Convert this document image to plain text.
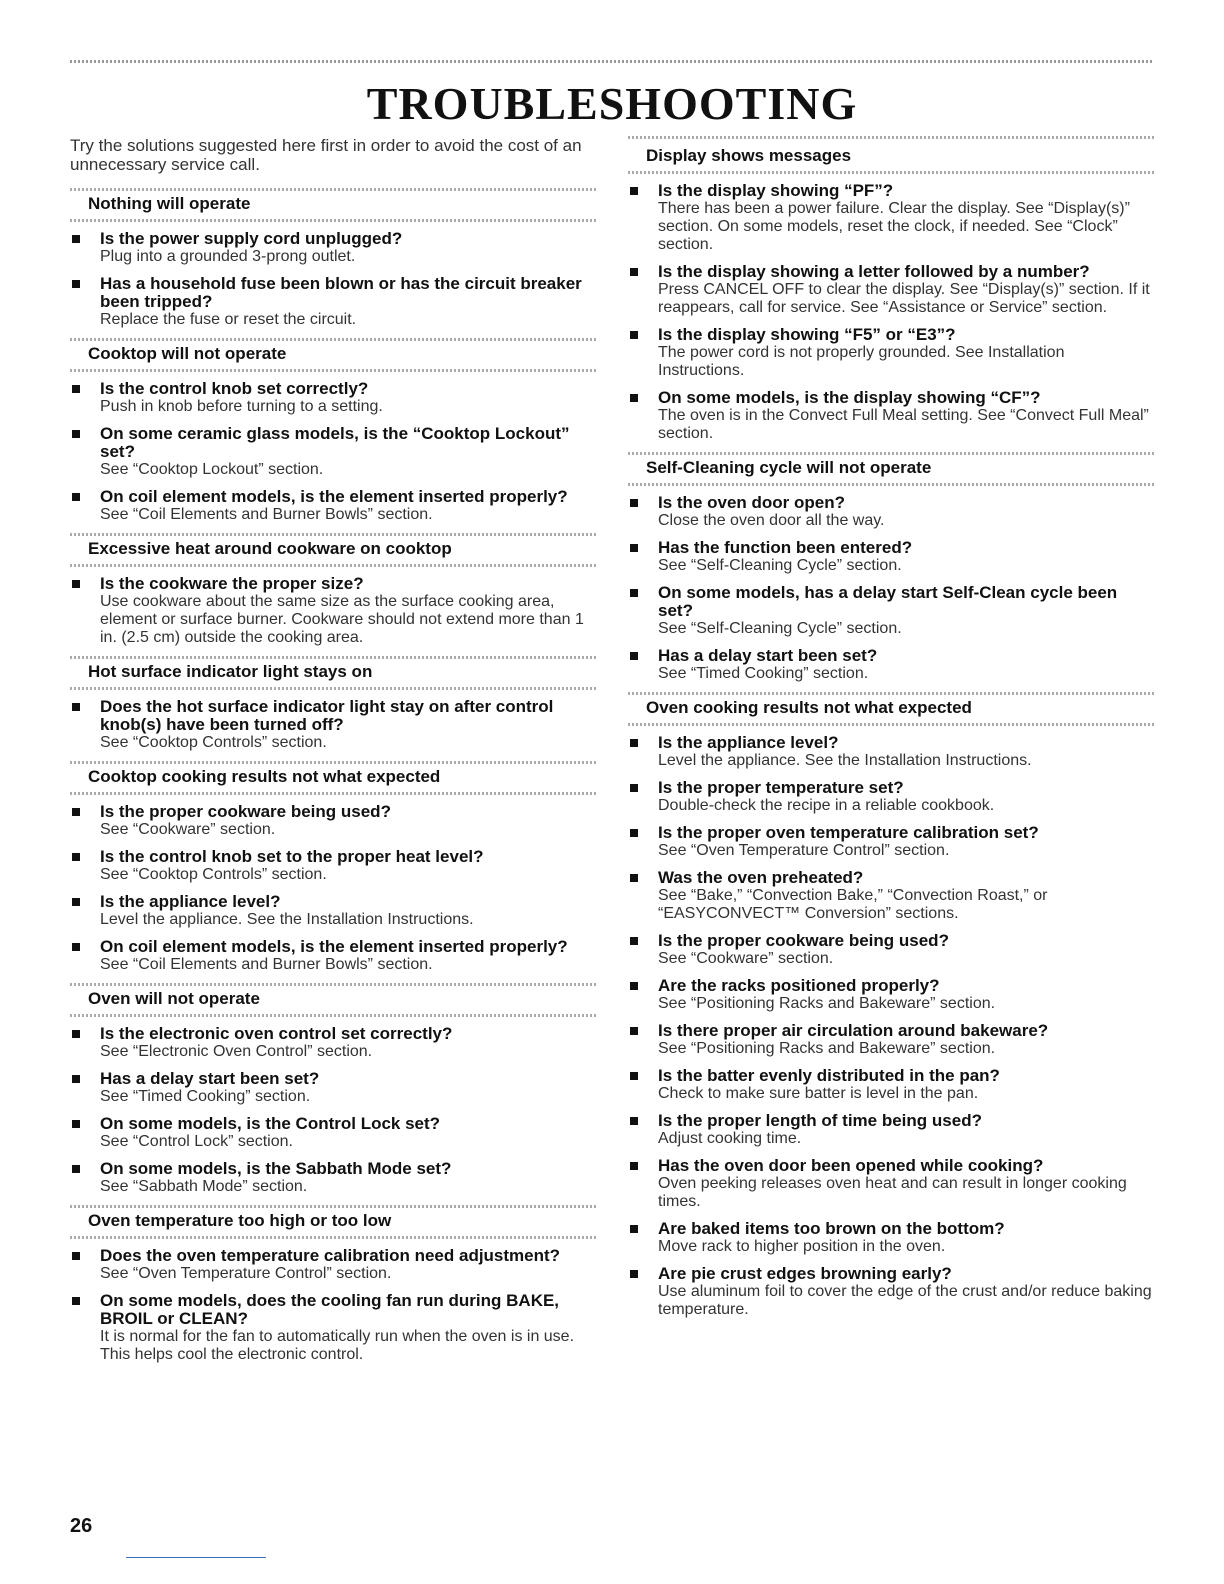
TROUBLESHOOTING

Try the solutions suggested here first in order to avoid the cost of an unnecessary service call.

Nothing will operate
Is the power supply cord unplugged?
Plug into a grounded 3-prong outlet.
Has a household fuse been blown or has the circuit breaker been tripped?
Replace the fuse or reset the circuit.
Cooktop will not operate
Is the control knob set correctly?
Push in knob before turning to a setting.
On some ceramic glass models, is the “Cooktop Lockout” set?
See “Cooktop Lockout” section.
On coil element models, is the element inserted properly?
See “Coil Elements and Burner Bowls” section.
Excessive heat around cookware on cooktop
Is the cookware the proper size?
Use cookware about the same size as the surface cooking area, element or surface burner. Cookware should not extend more than 1 in. (2.5 cm) outside the cooking area.
Hot surface indicator light stays on
Does the hot surface indicator light stay on after control knob(s) have been turned off?
See “Cooktop Controls” section.
Cooktop cooking results not what expected
Is the proper cookware being used?
See “Cookware” section.
Is the control knob set to the proper heat level?
See “Cooktop Controls” section.
Is the appliance level?
Level the appliance. See the Installation Instructions.
On coil element models, is the element inserted properly?
See “Coil Elements and Burner Bowls” section.
Oven will not operate
Is the electronic oven control set correctly?
See “Electronic Oven Control” section.
Has a delay start been set?
See “Timed Cooking” section.
On some models, is the Control Lock set?
See “Control Lock” section.
On some models, is the Sabbath Mode set?
See “Sabbath Mode” section.
Oven temperature too high or too low
Does the oven temperature calibration need adjustment?
See “Oven Temperature Control” section.
On some models, does the cooling fan run during BAKE, BROIL or CLEAN?
It is normal for the fan to automatically run when the oven is in use. This helps cool the electronic control.
Display shows messages
Is the display showing “PF”?
There has been a power failure. Clear the display. See “Display(s)” section. On some models, reset the clock, if needed. See “Clock” section.
Is the display showing a letter followed by a number?
Press CANCEL OFF to clear the display. See “Display(s)” section. If it reappears, call for service. See “Assistance or Service” section.
Is the display showing “F5” or “E3”?
The power cord is not properly grounded. See Installation Instructions.
On some models, is the display showing “CF”?
The oven is in the Convect Full Meal setting. See “Convect Full Meal” section.
Self-Cleaning cycle will not operate
Is the oven door open?
Close the oven door all the way.
Has the function been entered?
See “Self-Cleaning Cycle” section.
On some models, has a delay start Self-Clean cycle been set?
See “Self-Cleaning Cycle” section.
Has a delay start been set?
See “Timed Cooking” section.
Oven cooking results not what expected
Is the appliance level?
Level the appliance. See the Installation Instructions.
Is the proper temperature set?
Double-check the recipe in a reliable cookbook.
Is the proper oven temperature calibration set?
See “Oven Temperature Control” section.
Was the oven preheated?
See “Bake,” “Convection Bake,” “Convection Roast,” or “EASYCONVECT™ Conversion” sections.
Is the proper cookware being used?
See “Cookware” section.
Are the racks positioned properly?
See “Positioning Racks and Bakeware” section.
Is there proper air circulation around bakeware?
See “Positioning Racks and Bakeware” section.
Is the batter evenly distributed in the pan?
Check to make sure batter is level in the pan.
Is the proper length of time being used?
Adjust cooking time.
Has the oven door been opened while cooking?
Oven peeking releases oven heat and can result in longer cooking times.
Are baked items too brown on the bottom?
Move rack to higher position in the oven.
Are pie crust edges browning early?
Use aluminum foil to cover the edge of the crust and/or reduce baking temperature.
26
